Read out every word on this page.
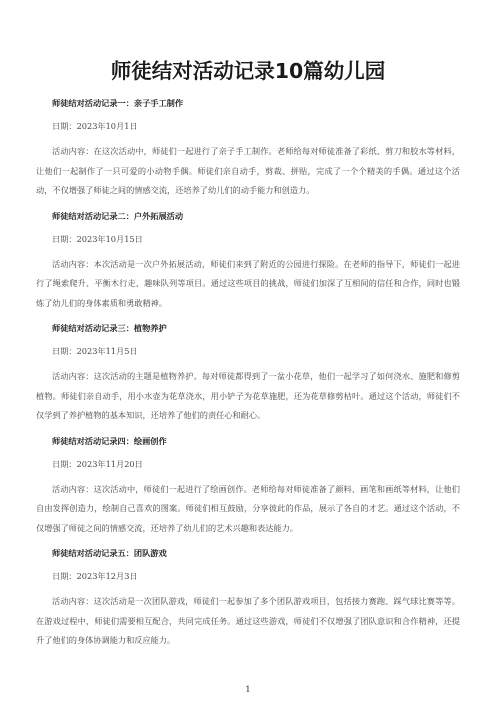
师徒结对活动记录10篇幼儿园

师徒结对活动记录一：亲子手工制作

日期：2023年10月1日

活动内容：在这次活动中，师徒们一起进行了亲子手工制作。老师给每对师徒准备了彩纸、剪刀和胶水等材料，让他们一起制作了一只可爱的小动物手偶。师徒们亲自动手，剪裁、拼贴，完成了一个个精美的手偶。通过这个活动，不仅增强了师徒之间的情感交流，还培养了幼儿们的动手能力和创造力。

师徒结对活动记录二：户外拓展活动

日期：2023年10月15日

活动内容：本次活动是一次户外拓展活动，师徒们来到了附近的公园进行探险。在老师的指导下，师徒们一起进行了绳索爬升、平衡木行走、趣味队列等项目。通过这些项目的挑战，师徒们加深了互相间的信任和合作，同时也锻炼了幼儿们的身体素质和勇敢精神。

师徒结对活动记录三：植物养护

日期：2023年11月5日

活动内容：这次活动的主题是植物养护。每对师徒都得到了一盆小花草，他们一起学习了如何浇水、施肥和修剪植物。师徒们亲自动手，用小水壶为花草浇水，用小铲子为花草施肥，还为花草修剪枯叶。通过这个活动，师徒们不仅学到了养护植物的基本知识，还培养了他们的责任心和耐心。

师徒结对活动记录四：绘画创作

日期：2023年11月20日

活动内容：这次活动中，师徒们一起进行了绘画创作。老师给每对师徒准备了颜料、画笔和画纸等材料，让他们自由发挥创造力，绘制自己喜欢的图案。师徒们相互鼓励，分享彼此的作品，展示了各自的才艺。通过这个活动，不仅增强了师徒之间的情感交流，还培养了幼儿们的艺术兴趣和表达能力。

师徒结对活动记录五：团队游戏

日期：2023年12月3日

活动内容：这次活动是一次团队游戏，师徒们一起参加了多个团队游戏项目，包括接力赛跑、踩气球比赛等等。在游戏过程中，师徒们需要相互配合，共同完成任务。通过这些游戏，师徒们不仅增强了团队意识和合作精神，还提升了他们的身体协调能力和反应能力。

1
